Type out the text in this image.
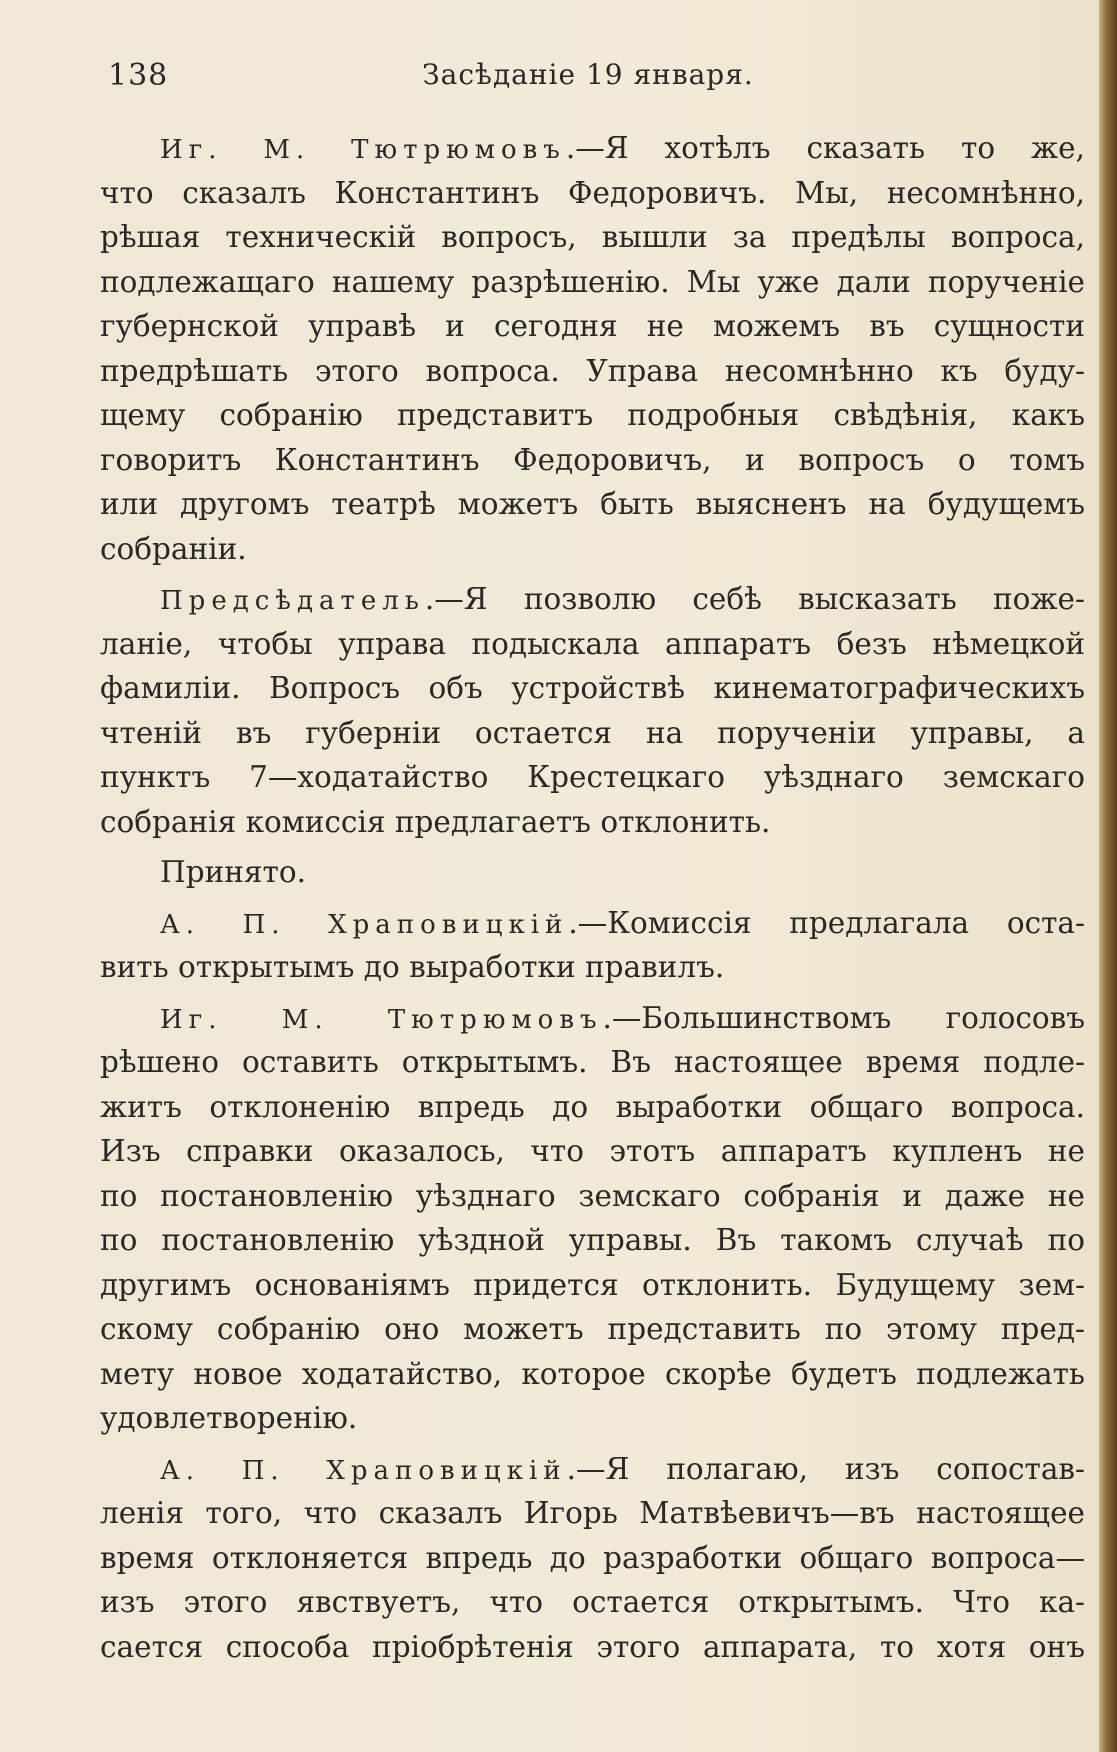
138	Засѣданіе 19 января.
Иг. М. Тютрюмовъ.—Я хотѣлъ сказать то же,
что сказалъ Константинъ Федоровичъ. Мы, несомнѣнно,
рѣшая техническій вопросъ, вышли за предѣлы вопроса,
подлежащаго нашему разрѣшенію. Мы уже дали порученіе
губернской управѣ и сегодня не можемъ въ сущности
предрѣшать этого вопроса. Управа несомнѣнно къ буду-
щему собранію представитъ подробныя свѣдѣнія, какъ
говоритъ Константинъ Федоровичъ, и вопросъ о томъ
или другомъ театрѣ можетъ быть выясненъ на будущемъ
собраніи.
Предсѣдатель.—Я позволю себѣ высказать поже-
ланіе, чтобы управа подыскала аппаратъ безъ нѣмецкой
фамиліи. Вопросъ объ устройствѣ кинематографическихъ
чтеній въ губерніи остается на порученіи управы, а
пунктъ 7—ходатайство Крестецкаго уѣзднаго земскаго
собранія комиссія предлагаетъ отклонить.
Принято.
А. П. Храповицкій.—Комиссія предлагала оста-
вить открытымъ до выработки правилъ.
Иг. М. Тютрюмовъ.—Большинствомъ голосовъ
рѣшено оставить открытымъ. Въ настоящее время подле-
житъ отклоненію впредь до выработки общаго вопроса.
Изъ справки оказалось, что этотъ аппаратъ купленъ не
по постановленію уѣзднаго земскаго собранія и даже не
по постановленію уѣздной управы. Въ такомъ случаѣ по
другимъ основаніямъ придется отклонить. Будущему зем-
скому собранію оно можетъ представить по этому пред-
мету новое ходатайство, которое скорѣе будетъ подлежать
удовлетворенію.
А. П. Храповицкій.—Я полагаю, изъ сопостав-
ленія того, что сказалъ Игорь Матвѣевичъ—въ настоящее
время отклоняется впредь до разработки общаго вопроса—
изъ этого явствуетъ, что остается открытымъ. Что ка-
сается способа пріобрѣтенія этого аппарата, то хотя онъ
